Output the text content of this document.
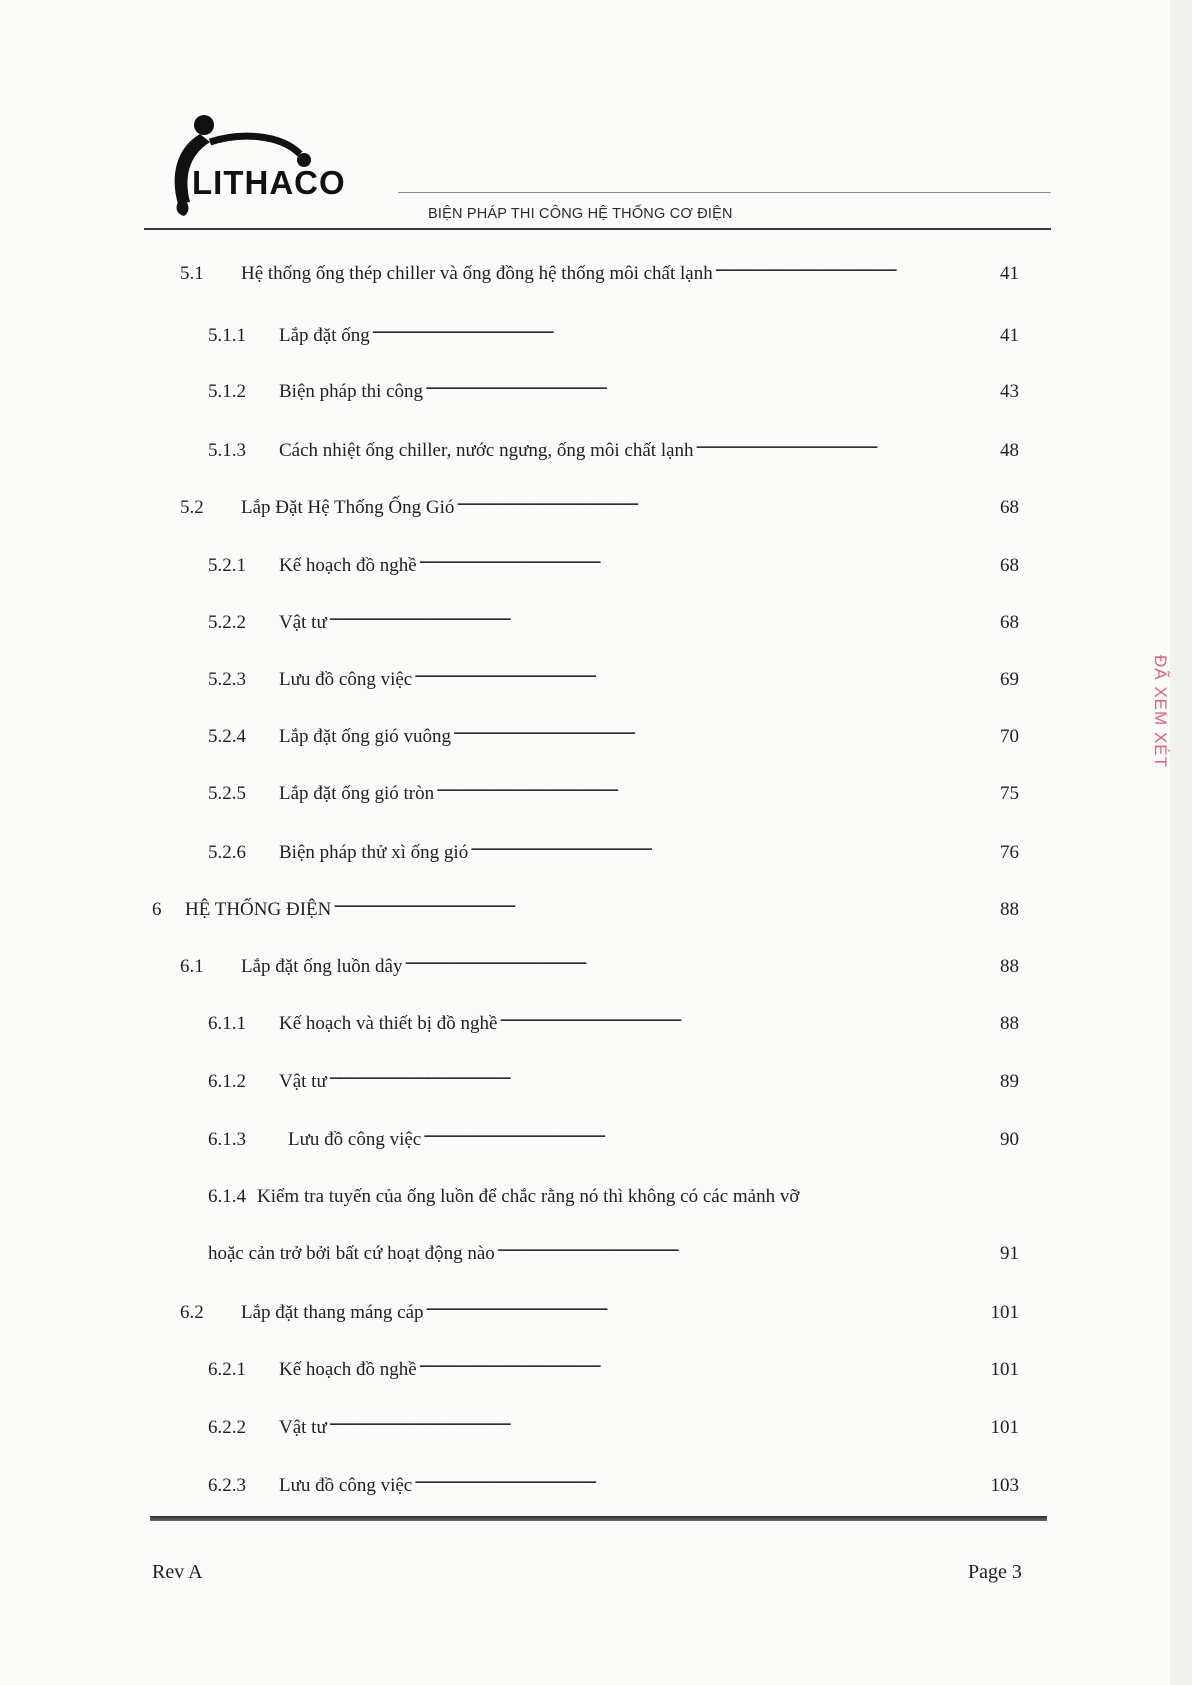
ĐÃ XEM XÉT
LITHACO
BIỆN PHÁP THI CÔNG HỆ THỐNG CƠ ĐIỆN
5.1	Hệ thống ống thép chiller và ống đồng hệ thống môi chất lạnh . . .	41
5.1.1	Lắp đặt ống . . .	41
5.1.2	Biện pháp thi công . . .	43
5.1.3	Cách nhiệt ống chiller, nước ngưng, ống môi chất lạnh . . .	48
5.2	Lắp Đặt Hệ Thống Ống Gió . . .	68
5.2.1	Kế hoạch đồ nghề . . .	68
5.2.2	Vật tư . . .	68
5.2.3	Lưu đồ công việc . . .	69
5.2.4	Lắp đặt ống gió vuông . . .	70
5.2.5	Lắp đặt ống gió tròn . . .	75
5.2.6	Biện pháp thử xì ống gió . . .	76
6	HỆ THỐNG ĐIỆN . . .	88
6.1	Lắp đặt ống luồn dây . . .	88
6.1.1	Kế hoạch và thiết bị đồ nghề . . .	88
6.1.2	Vật tư . . .	89
6.1.3	Lưu đồ công việc . . .	90
6.1.4 Kiểm tra tuyến của ống luồn để chắc rằng nó thì không có các mảnh vỡ
hoặc cản trở bởi bất cứ hoạt động nào . . .	91
6.2	Lắp đặt thang máng cáp . . .	101
6.2.1	Kế hoạch đồ nghề . . .	101
6.2.2	Vật tư . . .	101
6.2.3	Lưu đồ công việc . . .	103
Rev A	Page 3
